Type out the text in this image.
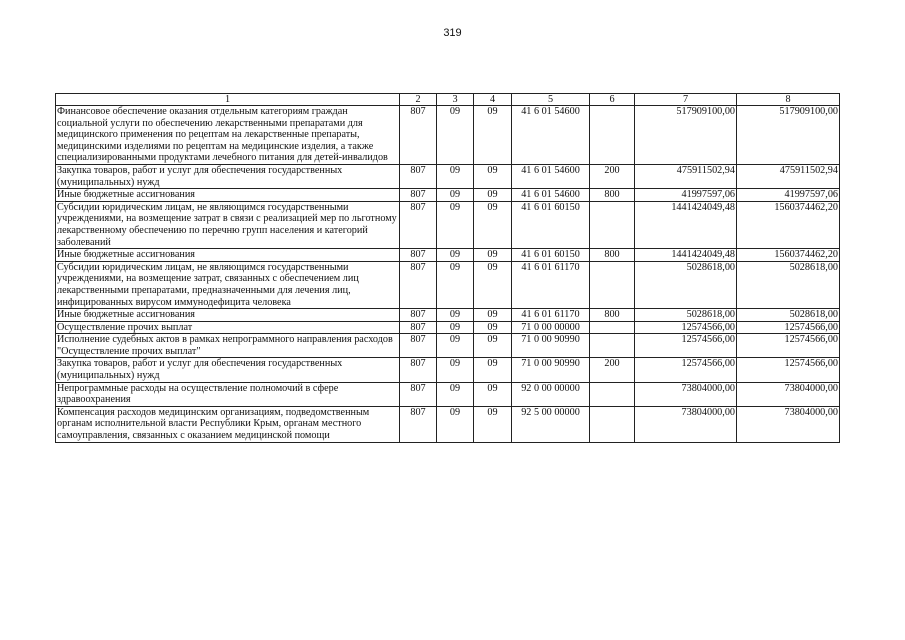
319
1	2	3	4	5	6	7	8
Финансовое обеспечение оказания отдельным категориям граждан социальной услуги по обеспечению лекарственными препаратами для медицинского применения по рецептам на лекарственные препараты, медицинскими изделиями по рецептам на медицинские изделия, а также специализированными продуктами лечебного питания для детей-инвалидов	807	09	09	41 6 01 54600		517909100,00	517909100,00
Закупка товаров, работ и услуг для обеспечения государственных (муниципальных) нужд	807	09	09	41 6 01 54600	200	475911502,94	475911502,94
Иные бюджетные ассигнования	807	09	09	41 6 01 54600	800	41997597,06	41997597,06
Субсидии юридическим лицам, не являющимся государственными учреждениями, на возмещение затрат в связи с реализацией мер по льготному лекарственному обеспечению по перечню групп населения и категорий заболеваний	807	09	09	41 6 01 60150		1441424049,48	1560374462,20
Иные бюджетные ассигнования	807	09	09	41 6 01 60150	800	1441424049,48	1560374462,20
Субсидии юридическим лицам, не являющимся государственными учреждениями, на возмещение затрат, связанных с обеспечением лиц лекарственными препаратами, предназначенными для лечения лиц, инфицированных вирусом иммунодефицита человека	807	09	09	41 6 01 61170		5028618,00	5028618,00
Иные бюджетные ассигнования	807	09	09	41 6 01 61170	800	5028618,00	5028618,00
Осуществление прочих выплат	807	09	09	71 0 00 00000		12574566,00	12574566,00
Исполнение судебных актов в рамках непрограммного направления расходов "Осуществление прочих выплат"	807	09	09	71 0 00 90990		12574566,00	12574566,00
Закупка товаров, работ и услуг для обеспечения государственных (муниципальных) нужд	807	09	09	71 0 00 90990	200	12574566,00	12574566,00
Непрограммные расходы на осуществление полномочий в сфере здравоохранения	807	09	09	92 0 00 00000		73804000,00	73804000,00
Компенсация расходов медицинским организациям, подведомственным органам исполнительной власти Республики Крым, органам местного самоуправления, связанных с оказанием медицинской помощи	807	09	09	92 5 00 00000		73804000,00	73804000,00
